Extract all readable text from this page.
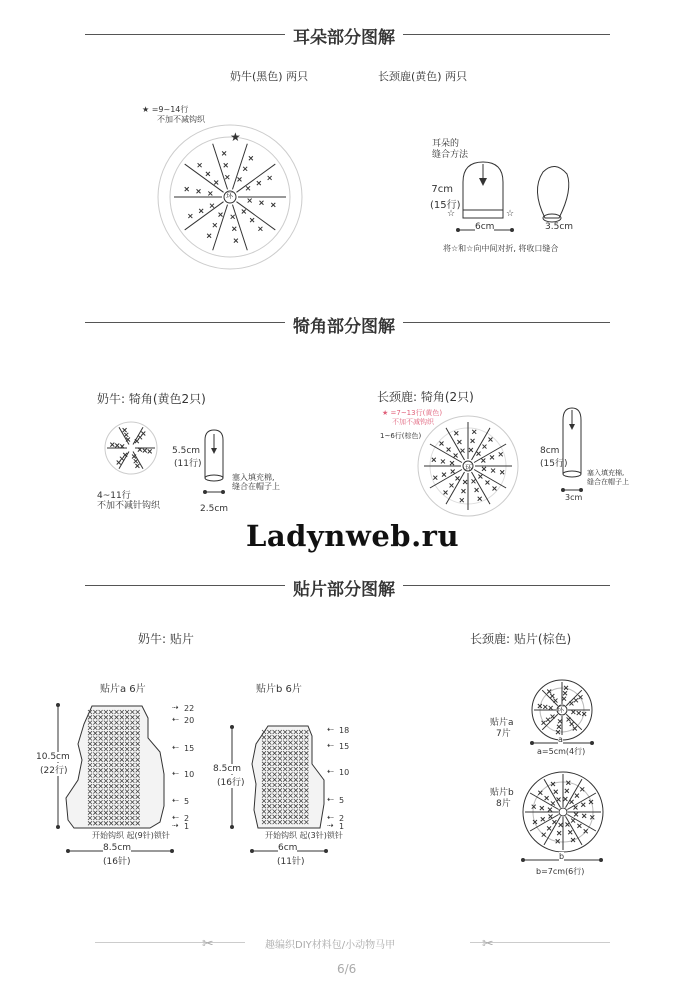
耳朵部分图解
奶牛(黑色) 两只	长颈鹿(黄色) 两只
★ =9~14行
不加不减钩织
环
★	耳朵的
缝合方法
☆	☆
7cm
(15行)
6cm	3.5cm
将☆和☆向中间对折, 将收口缝合
犄角部分图解
奶牛: 犄角(黄色2只)
5.5cm
(11行)
塞入填充棉,
缝合在帽子上
4~11行
不加不减针钩织	2.5cm
长颈鹿: 犄角(2只)
★ =7~13行(黄色)
不加不减钩织
1~6行(棕色)
环
8cm
(15行)
塞入填充棉,
缝合在帽子上
3cm
Ladynweb.ru
贴片部分图解
奶牛: 贴片	长颈鹿: 贴片(棕色)
贴片a 6片
10.5cm
(22行)
22
20
15
10
5
2
1
⇢
⇠
⇠
⇠
⇠
⇠
⇢
开始钩织 起(9针)锁针
8.5cm
(16针)
贴片b 6片
8.5cm
(16行)
18
15
10
5
2
1
⇠
⇠
⇠
⇠
⇠
⇢
开始钩织 起(3针)锁针
6cm
(11针)
贴片a
7片
环
a
a=5cm(4行)
贴片b
8片
b
b=7cm(6行)
✂	✂
趣编织DIY材料包/小动物马甲
6/6
